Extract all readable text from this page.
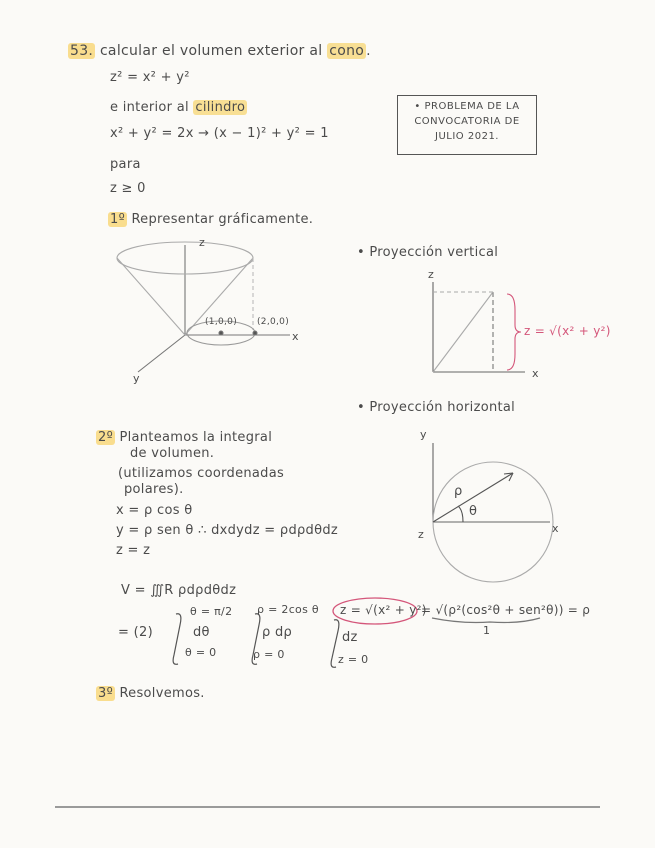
53. calcular el volumen exterior al cono .
z² = x² + y²
e interior al cilindro
x² + y² = 2x → (x − 1)² + y² = 1
para
z ≥ 0
• PROBLEMA DE LA
CONVOCATORIA DE
JULIO 2021.
1º Representar gráficamente.
z
x
y
(1,0,0) (2,0,0)
• Proyección vertical
z
x
z = √(x² + y²)
• Proyección horizontal
y
x
z
ρ
θ
2º Planteamos la integral
de volumen.
(utilizamos coordenadas
polares).
x = ρ cos θ
y = ρ sen θ ∴ dxdydz = ρdρdθdz
z = z
V = ∭R ρdρdθdz
= (2)
θ = π/2
dθ
θ = 0
ρ = 2cos θ
ρ dρ
ρ = 0
dz
z = 0
z = √(x² + y²)
= √(ρ²(cos²θ + sen²θ)) = ρ
1
3º Resolvemos.
